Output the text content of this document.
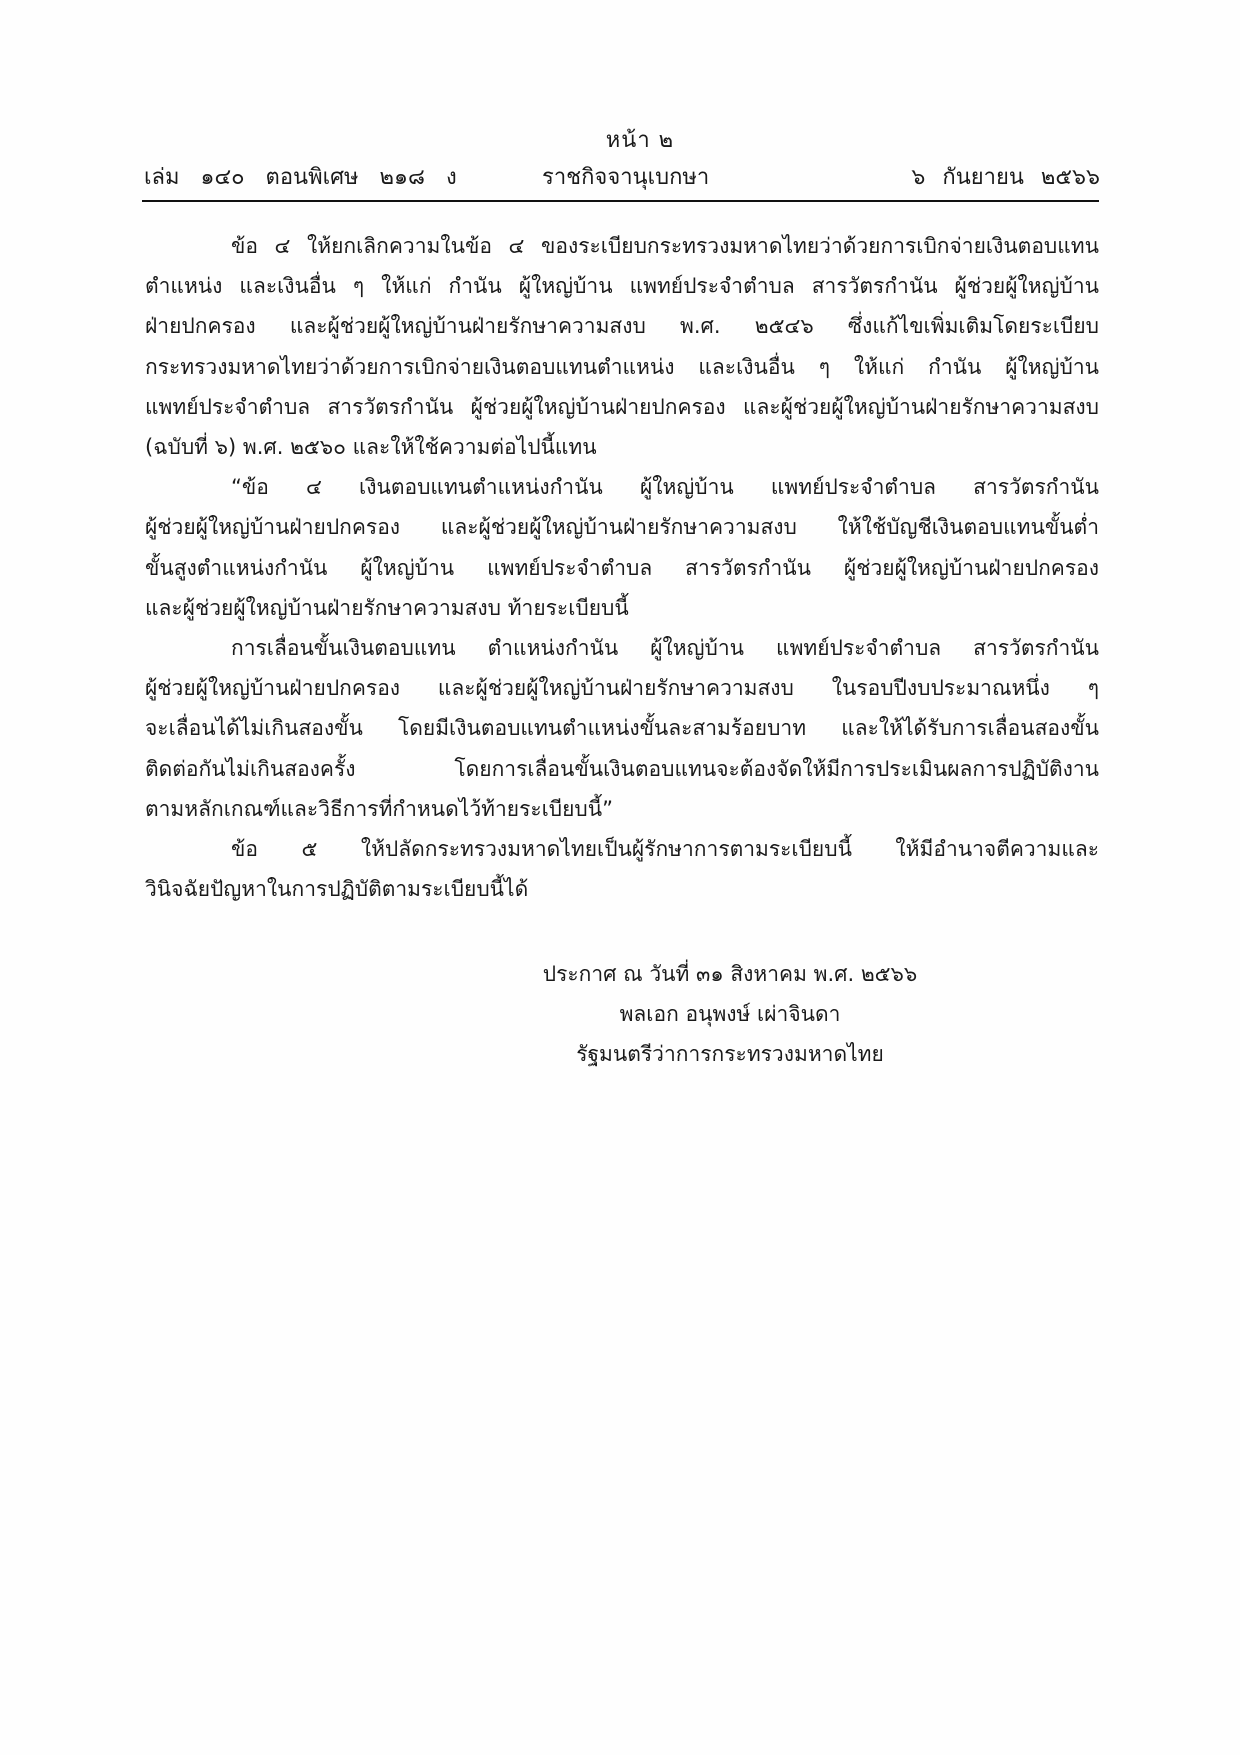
หน้า ๒
เล่ม ๑๔๐ ตอนพิเศษ ๒๑๘ ง	ราชกิจจานุเบกษา	๖ กันยายน ๒๕๖๖

ข้อ ๔ ให้ยกเลิกความในข้อ ๔ ของระเบียบกระทรวงมหาดไทยว่าด้วยการเบิกจ่ายเงินตอบแทน
ตำแหน่ง และเงินอื่น ๆ ให้แก่ กำนัน ผู้ใหญ่บ้าน แพทย์ประจำตำบล สารวัตรกำนัน ผู้ช่วยผู้ใหญ่บ้าน
ฝ่ายปกครอง และผู้ช่วยผู้ใหญ่บ้านฝ่ายรักษาความสงบ พ.ศ. ๒๕๔๖ ซึ่งแก้ไขเพิ่มเติมโดยระเบียบ
กระทรวงมหาดไทยว่าด้วยการเบิกจ่ายเงินตอบแทนตำแหน่ง และเงินอื่น ๆ ให้แก่ กำนัน ผู้ใหญ่บ้าน
แพทย์ประจำตำบล สารวัตรกำนัน ผู้ช่วยผู้ใหญ่บ้านฝ่ายปกครอง และผู้ช่วยผู้ใหญ่บ้านฝ่ายรักษาความสงบ
(ฉบับที่ ๖) พ.ศ. ๒๕๖๐ และให้ใช้ความต่อไปนี้แทน

“ข้อ ๔ เงินตอบแทนตำแหน่งกำนัน ผู้ใหญ่บ้าน แพทย์ประจำตำบล สารวัตรกำนัน
ผู้ช่วยผู้ใหญ่บ้านฝ่ายปกครอง และผู้ช่วยผู้ใหญ่บ้านฝ่ายรักษาความสงบ ให้ใช้บัญชีเงินตอบแทนขั้นต่ำ
ขั้นสูงตำแหน่งกำนัน ผู้ใหญ่บ้าน แพทย์ประจำตำบล สารวัตรกำนัน ผู้ช่วยผู้ใหญ่บ้านฝ่ายปกครอง
และผู้ช่วยผู้ใหญ่บ้านฝ่ายรักษาความสงบ ท้ายระเบียบนี้

การเลื่อนขั้นเงินตอบแทน ตำแหน่งกำนัน ผู้ใหญ่บ้าน แพทย์ประจำตำบล สารวัตรกำนัน
ผู้ช่วยผู้ใหญ่บ้านฝ่ายปกครอง และผู้ช่วยผู้ใหญ่บ้านฝ่ายรักษาความสงบ ในรอบปีงบประมาณหนึ่ง ๆ
จะเลื่อนได้ไม่เกินสองขั้น โดยมีเงินตอบแทนตำแหน่งขั้นละสามร้อยบาท และให้ได้รับการเลื่อนสองขั้น
ติดต่อกันไม่เกินสองครั้ง โดยการเลื่อนขั้นเงินตอบแทนจะต้องจัดให้มีการประเมินผลการปฏิบัติงาน
ตามหลักเกณฑ์และวิธีการที่กำหนดไว้ท้ายระเบียบนี้”

ข้อ ๕ ให้ปลัดกระทรวงมหาดไทยเป็นผู้รักษาการตามระเบียบนี้ ให้มีอำนาจตีความและ
วินิจฉัยปัญหาในการปฏิบัติตามระเบียบนี้ได้

ประกาศ ณ วันที่ ๓๑ สิงหาคม พ.ศ. ๒๕๖๖
พลเอก อนุพงษ์ เผ่าจินดา
รัฐมนตรีว่าการกระทรวงมหาดไทย
